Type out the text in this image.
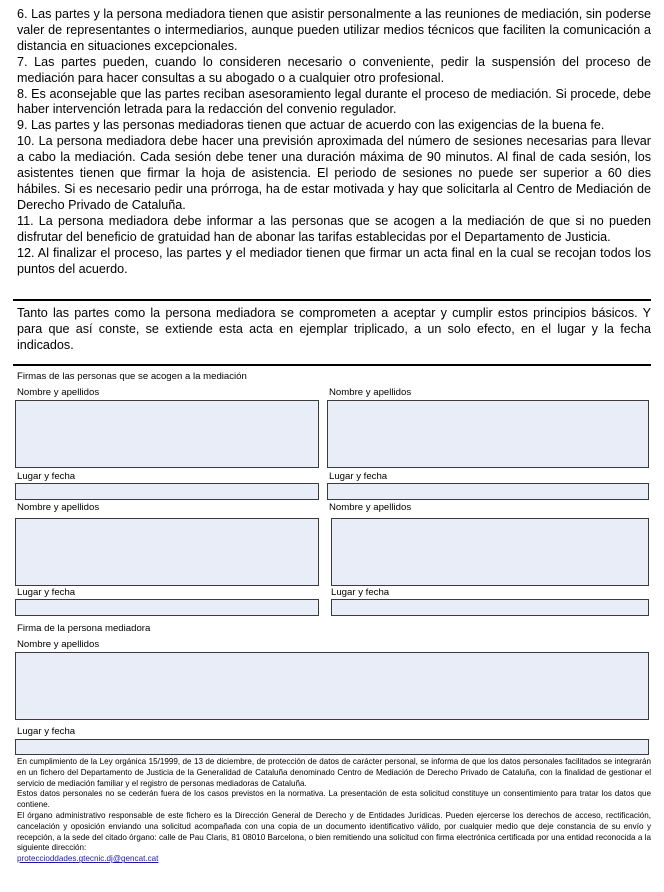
6. Las partes y la persona mediadora tienen que asistir personalmente a las reuniones de mediación, sin poderse valer de representantes o intermediarios, aunque pueden utilizar medios técnicos que faciliten la comunicación a distancia en situaciones excepcionales.

7. Las partes pueden, cuando lo consideren necesario o conveniente, pedir la suspensión del proceso de mediación para hacer consultas a su abogado o a cualquier otro profesional.

8. Es aconsejable que las partes reciban asesoramiento legal durante el proceso de mediación. Si procede, debe haber intervención letrada para la redacción del convenio regulador.

9. Las partes y las personas mediadoras tienen que actuar de acuerdo con las exigencias de la buena fe.

10. La persona mediadora debe hacer una previsión aproximada del número de sesiones necesarias para llevar a cabo la mediación. Cada sesión debe tener una duración máxima de 90 minutos. Al final de cada sesión, los asistentes tienen que firmar la hoja de asistencia. El periodo de sesiones no puede ser superior a 60 dies hábiles. Si es necesario pedir una prórroga, ha de estar motivada y hay que solicitarla al Centro de Mediación de Derecho Privado de Cataluña.

11. La persona mediadora debe informar a las personas que se acogen a la mediación de que si no pueden disfrutar del beneficio de gratuidad han de abonar las tarifas establecidas por el Departamento de Justicia.

12. Al finalizar el proceso, las partes y el mediador tienen que firmar un acta final en la cual se recojan todos los puntos del acuerdo.

Tanto las partes como la persona mediadora se comprometen a aceptar y cumplir estos principios básicos. Y para que así conste, se extiende esta acta en ejemplar triplicado, a un solo efecto, en el lugar y la fecha indicados.

Firmas de las personas que se acogen a la mediación
Nombre y apellidos
Lugar y fecha
Nombre y apellidos
Lugar y fecha
Nombre y apellidos
Lugar y fecha
Nombre y apellidos
Lugar y fecha
Firma de la persona mediadora
Nombre y apellidos
Lugar y fecha

En cumplimiento de la Ley orgánica 15/1999, de 13 de diciembre, de protección de datos de carácter personal, se informa de que los datos personales facilitados se integrarán en un fichero del Departamento de Justicia de la Generalidad de Cataluña denominado Centro de Mediación de Derecho Privado de Cataluña, con la finalidad de gestionar el servicio de mediación familiar y el registro de personas mediadoras de Cataluña.

Estos datos personales no se cederán fuera de los casos previstos en la normativa. La presentación de esta solicitud constituye un consentimiento para tratar los datos que contiene.

El órgano administrativo responsable de este fichero es la Dirección General de Derecho y de Entidades Jurídicas. Pueden ejercerse los derechos de acceso, rectificación, cancelación y oposición enviando una solicitud acompañada con una copia de un documento identificativo válido, por cualquier medio que deje constancia de su envío y recepción, a la sede del citado órgano: calle de Pau Claris, 81 08010 Barcelona, o bien remitiendo una solicitud con firma electrónica certificada por una entidad reconocida a la siguiente dirección:

proteccioddades.gtecnic.dj@gencat.cat
